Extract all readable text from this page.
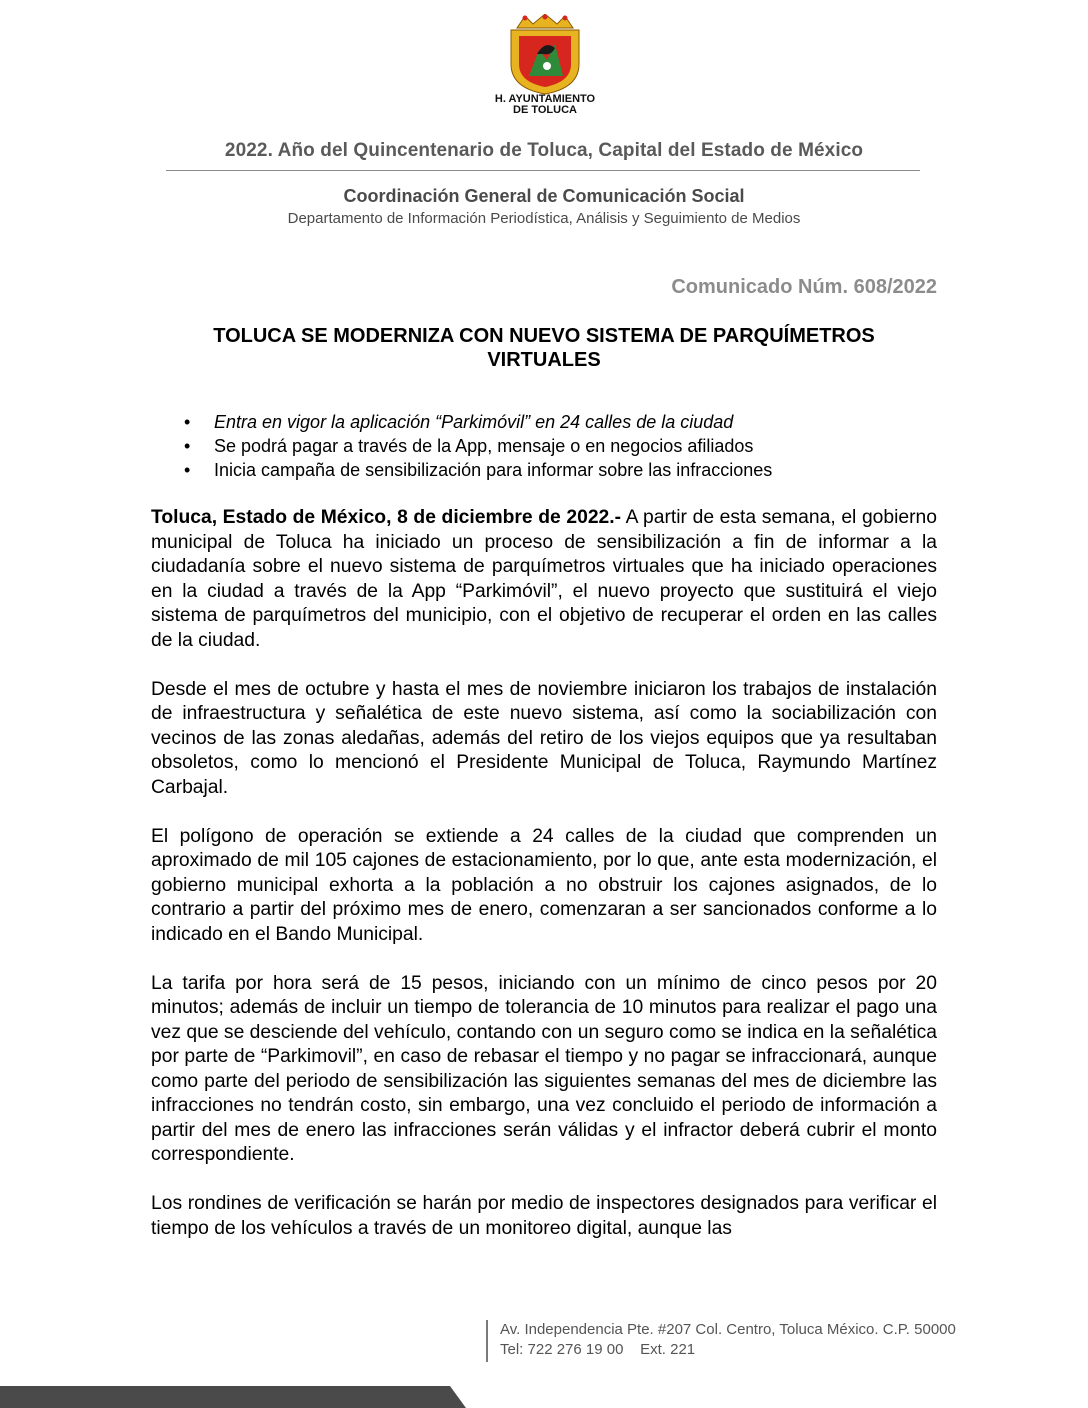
H. AYUNTAMIENTO
DE TOLUCA
2022. Año del Quincentenario de Toluca, Capital del Estado de México
Coordinación General de Comunicación Social
Departamento de Información Periodística, Análisis y Seguimiento de Medios
Comunicado Núm. 608/2022
TOLUCA SE MODERNIZA CON NUEVO SISTEMA DE PARQUÍMETROS
VIRTUALES
• Entra en vigor la aplicación “Parkimóvil” en 24 calles de la ciudad
• Se podrá pagar a través de la App, mensaje o en negocios afiliados
• Inicia campaña de sensibilización para informar sobre las infracciones

Toluca, Estado de México, 8 de diciembre de 2022.- A partir de esta semana, el gobierno municipal de Toluca ha iniciado un proceso de sensibilización a fin de informar a la ciudadanía sobre el nuevo sistema de parquímetros virtuales que ha iniciado operaciones en la ciudad a través de la App “Parkimóvil”, el nuevo proyecto que sustituirá el viejo sistema de parquímetros del municipio, con el objetivo de recuperar el orden en las calles de la ciudad.

Desde el mes de octubre y hasta el mes de noviembre iniciaron los trabajos de instalación de infraestructura y señalética de este nuevo sistema, así como la sociabilización con vecinos de las zonas aledañas, además del retiro de los viejos equipos que ya resultaban obsoletos, como lo mencionó el Presidente Municipal de Toluca, Raymundo Martínez Carbajal.

El polígono de operación se extiende a 24 calles de la ciudad que comprenden un aproximado de mil 105 cajones de estacionamiento, por lo que, ante esta modernización, el gobierno municipal exhorta a la población a no obstruir los cajones asignados, de lo contrario a partir del próximo mes de enero, comenzaran a ser sancionados conforme a lo indicado en el Bando Municipal.

La tarifa por hora será de 15 pesos, iniciando con un mínimo de cinco pesos por 20 minutos; además de incluir un tiempo de tolerancia de 10 minutos para realizar el pago una vez que se desciende del vehículo, contando con un seguro como se indica en la señalética por parte de “Parkimovil”, en caso de rebasar el tiempo y no pagar se infraccionará, aunque como parte del periodo de sensibilización las siguientes semanas del mes de diciembre las infracciones no tendrán costo, sin embargo, una vez concluido el periodo de información a partir del mes de enero las infracciones serán válidas y el infractor deberá cubrir el monto correspondiente.

Los rondines de verificación se harán por medio de inspectores designados para verificar el tiempo de los vehículos a través de un monitoreo digital, aunque las

Av. Independencia Pte. #207 Col. Centro, Toluca México. C.P. 50000
Tel: 722 276 19 00    Ext. 221
